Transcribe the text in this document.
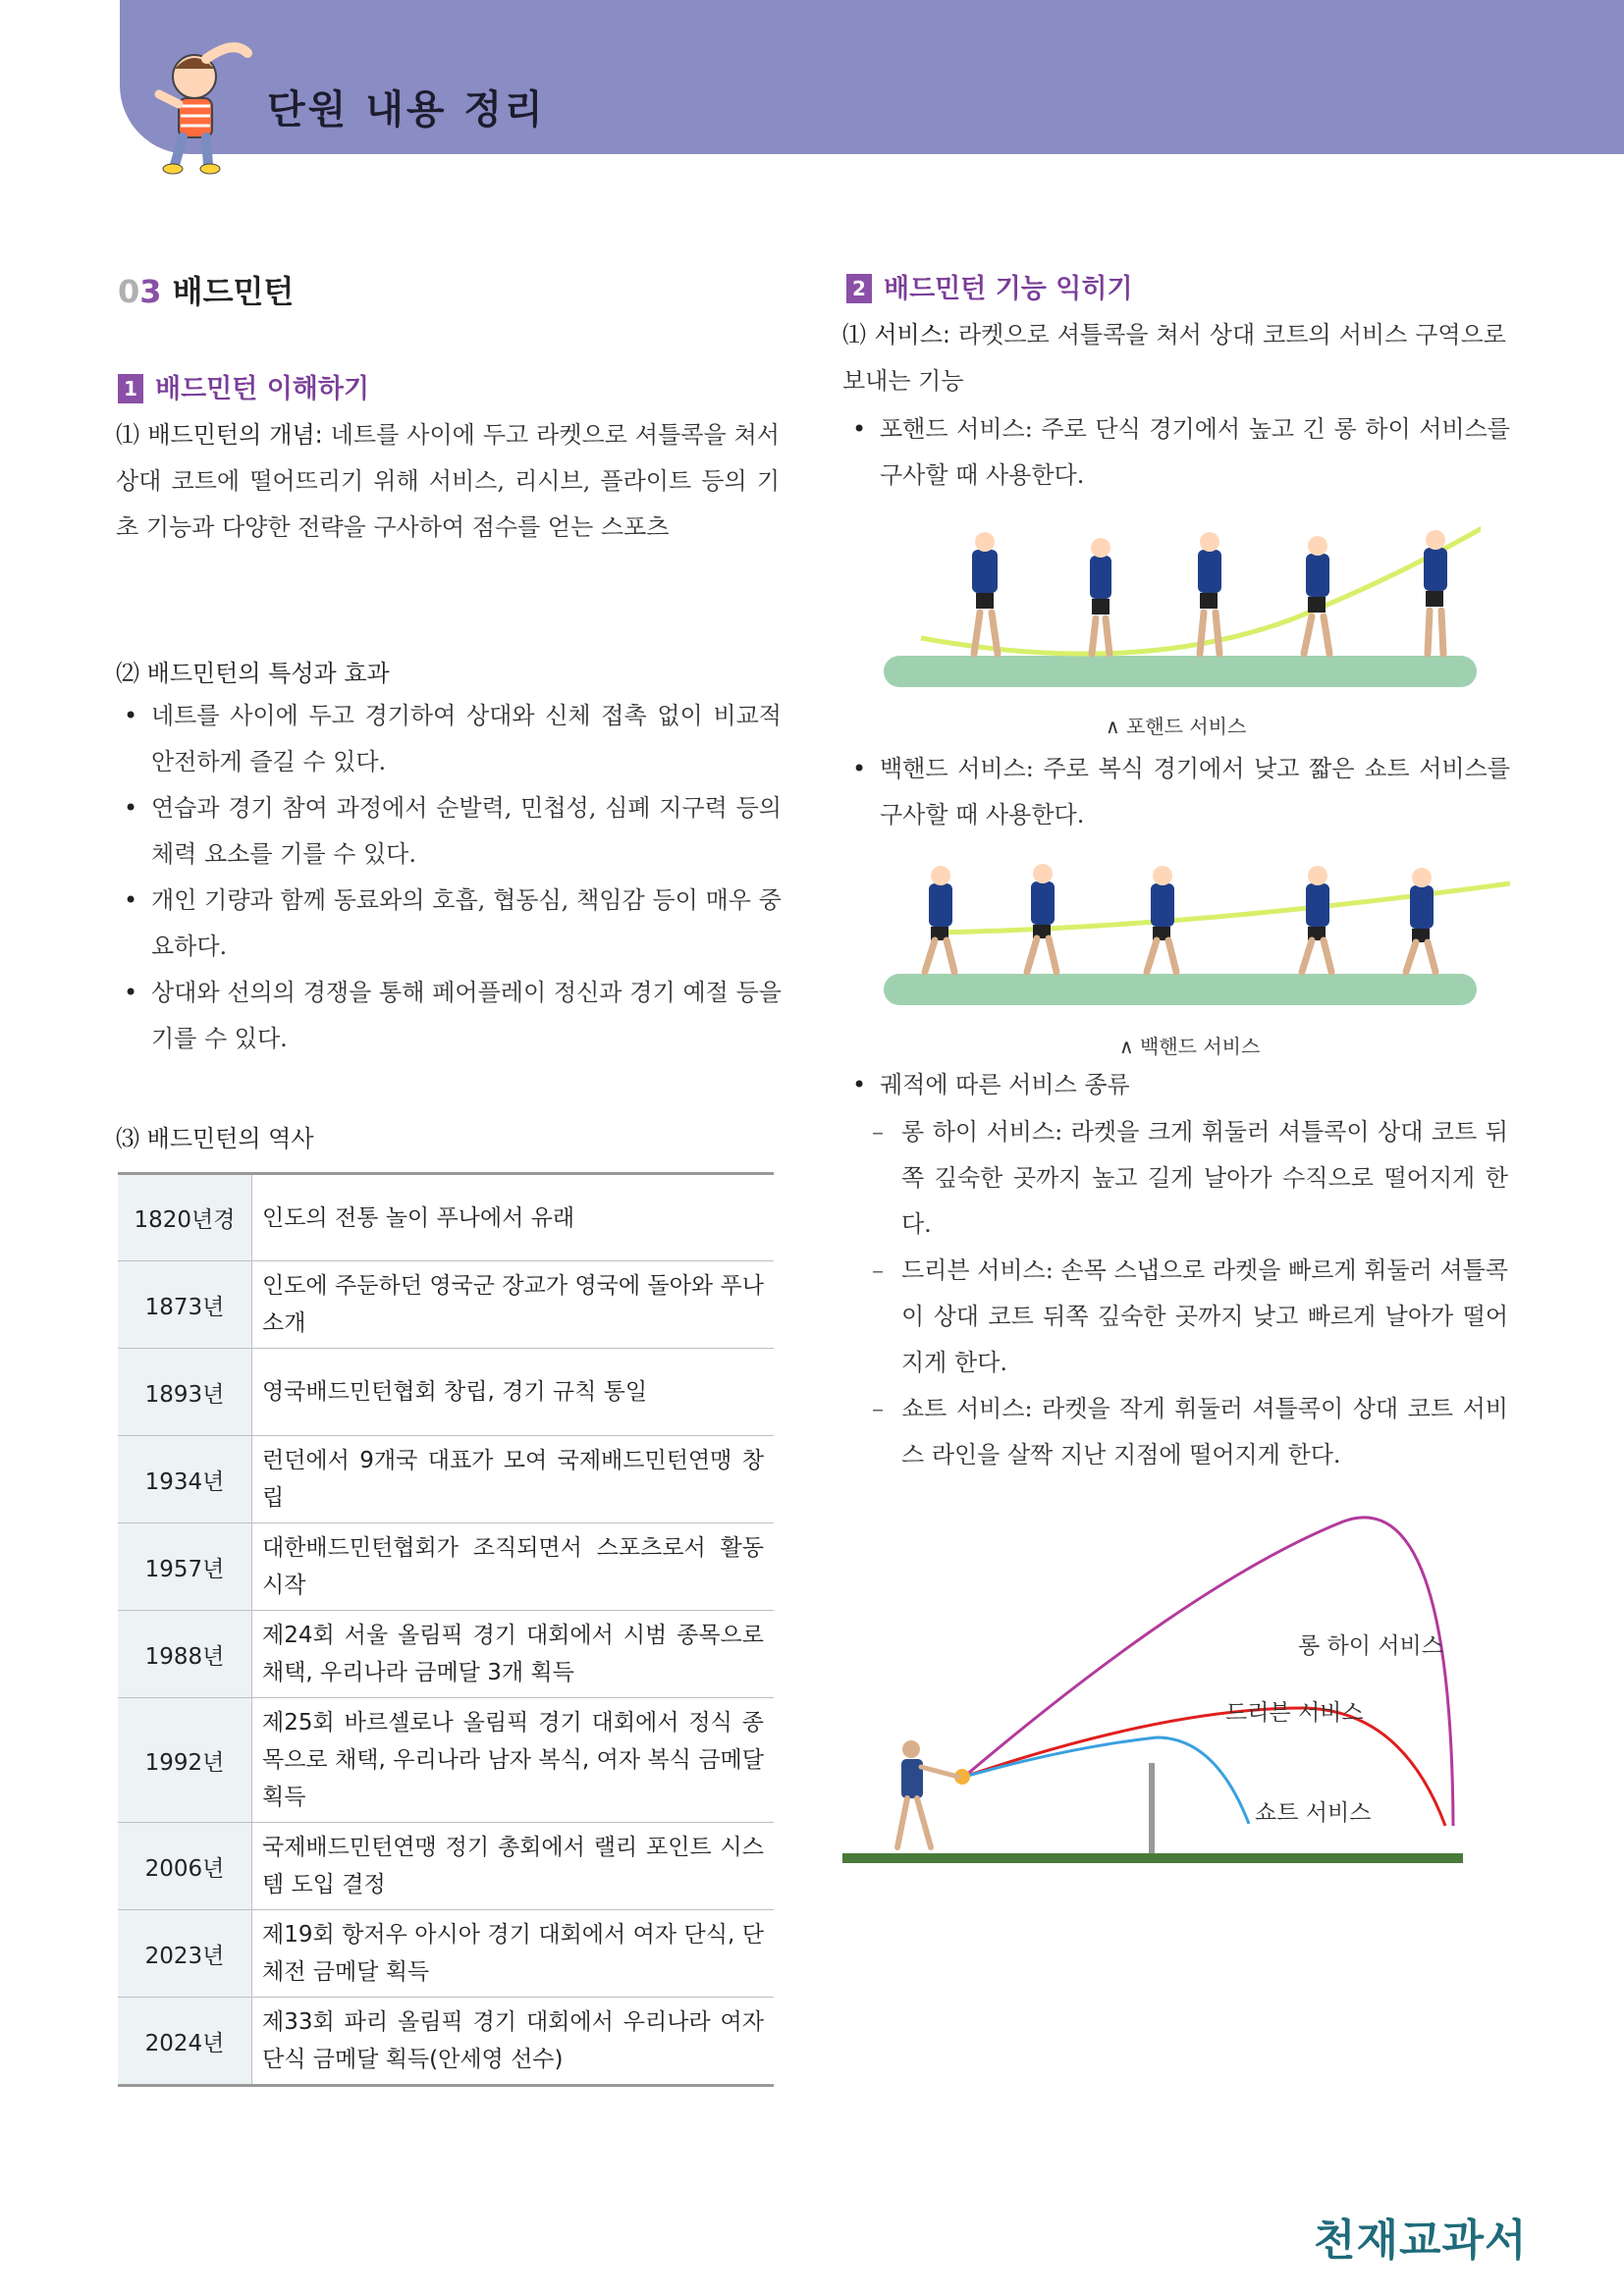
단원 내용 정리
03 배드민턴
1 배드민턴 이해하기
⑴ 배드민턴의 개념: 네트를 사이에 두고 라켓으로 셔틀콕을 쳐서 상대 코트에 떨어뜨리기 위해 서비스, 리시브, 플라이트 등의 기초 기능과 다양한 전략을 구사하여 점수를 얻는 스포츠
⑵ 배드민턴의 특성과 효과
• 네트를 사이에 두고 경기하여 상대와 신체 접촉 없이 비교적 안전하게 즐길 수 있다.
• 연습과 경기 참여 과정에서 순발력, 민첩성, 심폐 지구력 등의 체력 요소를 기를 수 있다.
• 개인 기량과 함께 동료와의 호흡, 협동심, 책임감 등이 매우 중요하다.
• 상대와 선의의 경쟁을 통해 페어플레이 정신과 경기 예절 등을 기를 수 있다.
⑶ 배드민턴의 역사
1820년경	인도의 전통 놀이 푸나에서 유래
1873년	인도에 주둔하던 영국군 장교가 영국에 돌아와 푸나 소개
1893년	영국배드민턴협회 창립, 경기 규칙 통일
1934년	런던에서 9개국 대표가 모여 국제배드민턴연맹 창립
1957년	대한배드민턴협회가 조직되면서 스포츠로서 활동 시작
1988년	제24회 서울 올림픽 경기 대회에서 시범 종목으로 채택, 우리나라 금메달 3개 획득
1992년	제25회 바르셀로나 올림픽 경기 대회에서 정식 종목으로 채택, 우리나라 남자 복식, 여자 복식 금메달 획득
2006년	국제배드민턴연맹 정기 총회에서 랠리 포인트 시스템 도입 결정
2023년	제19회 항저우 아시아 경기 대회에서 여자 단식, 단체전 금메달 획득
2024년	제33회 파리 올림픽 경기 대회에서 우리나라 여자 단식 금메달 획득(안세영 선수)
2 배드민턴 기능 익히기
⑴ 서비스: 라켓으로 셔틀콕을 쳐서 상대 코트의 서비스 구역으로 보내는 기능
• 포핸드 서비스: 주로 단식 경기에서 높고 긴 롱 하이 서비스를 구사할 때 사용한다.
∧ 포핸드 서비스
• 백핸드 서비스: 주로 복식 경기에서 낮고 짧은 쇼트 서비스를 구사할 때 사용한다.
∧ 백핸드 서비스
• 궤적에 따른 서비스 종류
– 롱 하이 서비스: 라켓을 크게 휘둘러 셔틀콕이 상대 코트 뒤쪽 깊숙한 곳까지 높고 길게 날아가 수직으로 떨어지게 한다.
– 드리븐 서비스: 손목 스냅으로 라켓을 빠르게 휘둘러 셔틀콕이 상대 코트 뒤쪽 깊숙한 곳까지 낮고 빠르게 날아가 떨어지게 한다.
– 쇼트 서비스: 라켓을 작게 휘둘러 셔틀콕이 상대 코트 서비스 라인을 살짝 지난 지점에 떨어지게 한다.
롱 하이 서비스
드리븐 서비스
쇼트 서비스
천재교과서
